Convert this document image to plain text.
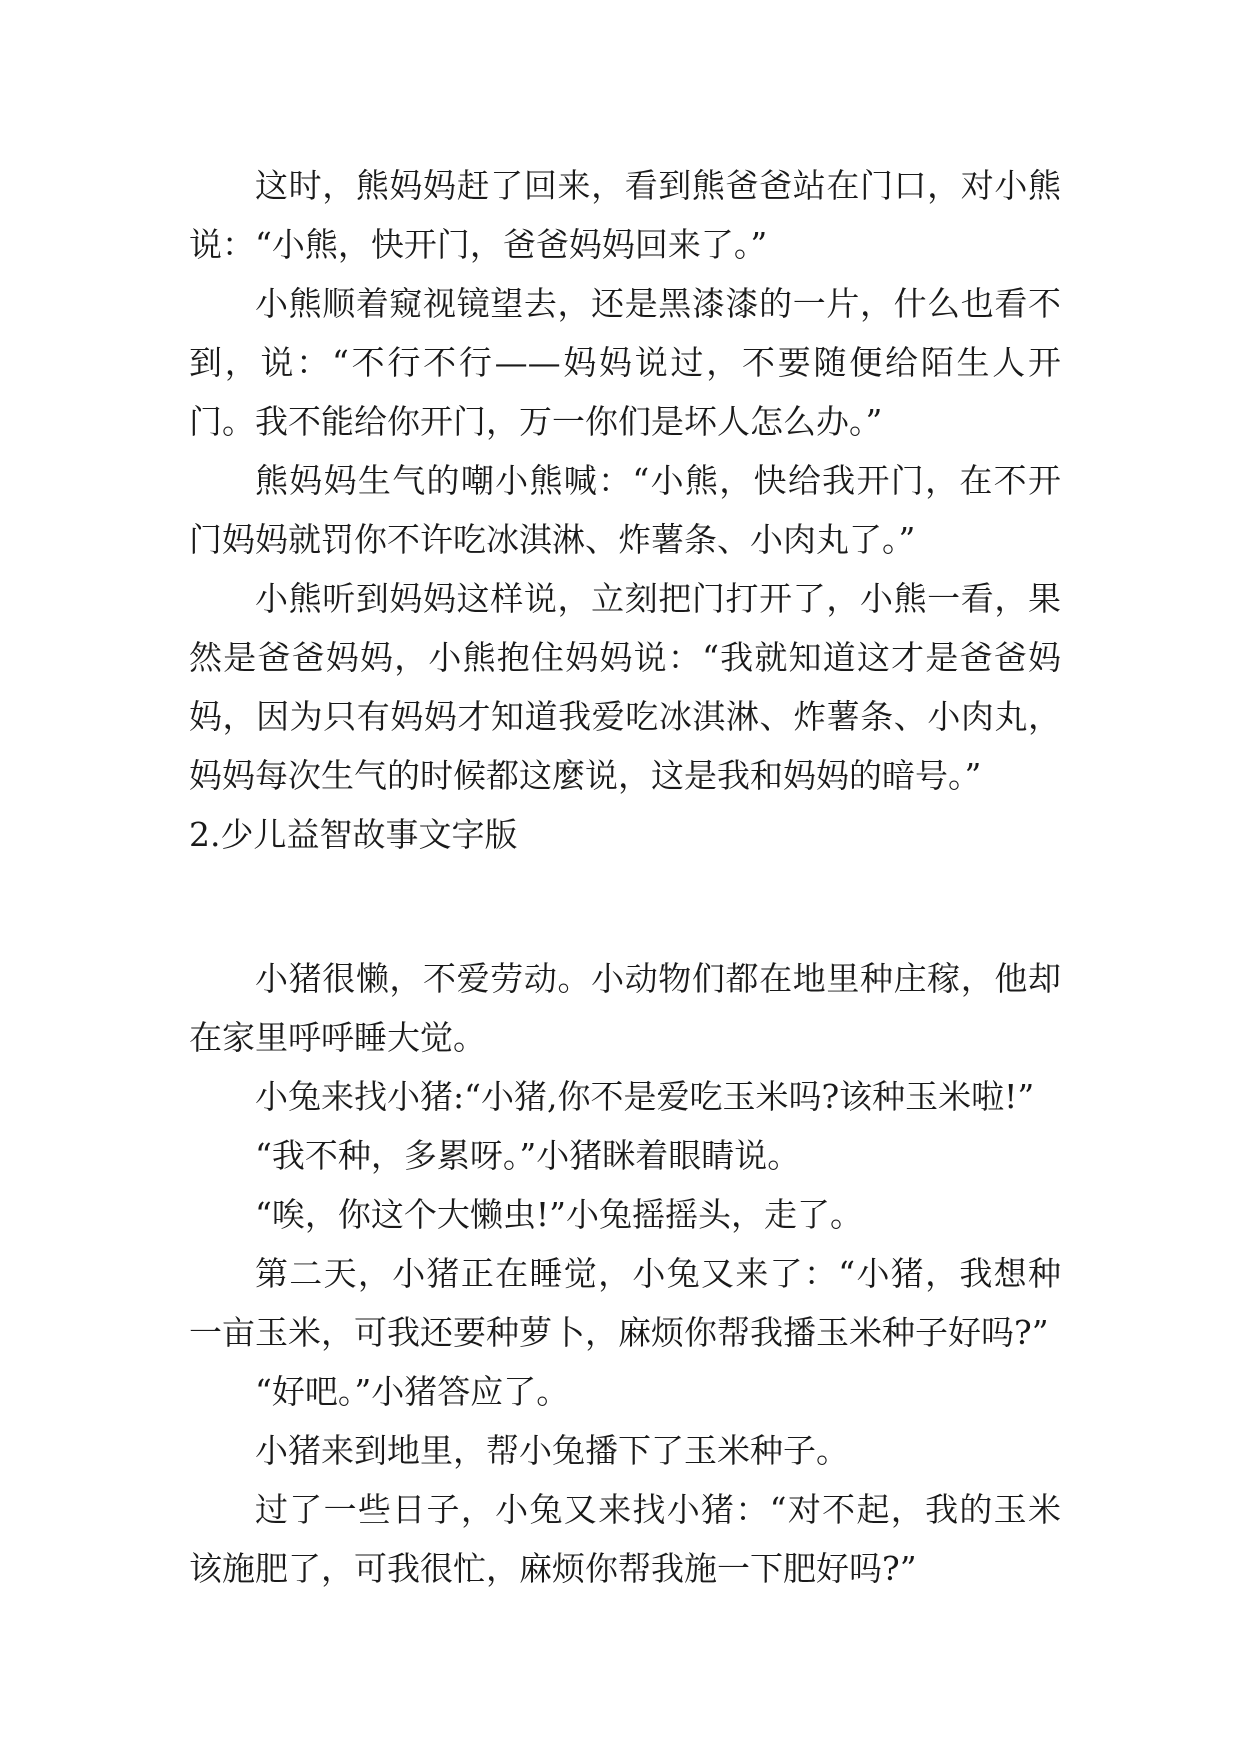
这时，熊妈妈赶了回来，看到熊爸爸站在门口，对小熊说：“小熊，快开门，爸爸妈妈回来了。”

小熊顺着窥视镜望去，还是黑漆漆的一片，什么也看不到，说：“不行不行——妈妈说过，不要随便给陌生人开门。我不能给你开门，万一你们是坏人怎么办。”

熊妈妈生气的嘲小熊喊：“小熊，快给我开门，在不开门妈妈就罚你不许吃冰淇淋、炸薯条、小肉丸了。”

小熊听到妈妈这样说，立刻把门打开了，小熊一看，果然是爸爸妈妈，小熊抱住妈妈说：“我就知道这才是爸爸妈妈，因为只有妈妈才知道我爱吃冰淇淋、炸薯条、小肉丸，妈妈每次生气的时候都这麼说，这是我和妈妈的暗号。”

2.少儿益智故事文字版

小猪很懒，不爱劳动。小动物们都在地里种庄稼，他却在家里呼呼睡大觉。

小兔来找小猪:“小猪,你不是爱吃玉米吗?该种玉米啦!”

“我不种，多累呀。”小猪眯着眼睛说。

“唉，你这个大懒虫!”小兔摇摇头，走了。

第二天，小猪正在睡觉，小兔又来了：“小猪，我想种一亩玉米，可我还要种萝卜，麻烦你帮我播玉米种子好吗?”

“好吧。”小猪答应了。

小猪来到地里，帮小兔播下了玉米种子。

过了一些日子，小兔又来找小猪：“对不起，我的玉米该施肥了，可我很忙，麻烦你帮我施一下肥好吗?”
